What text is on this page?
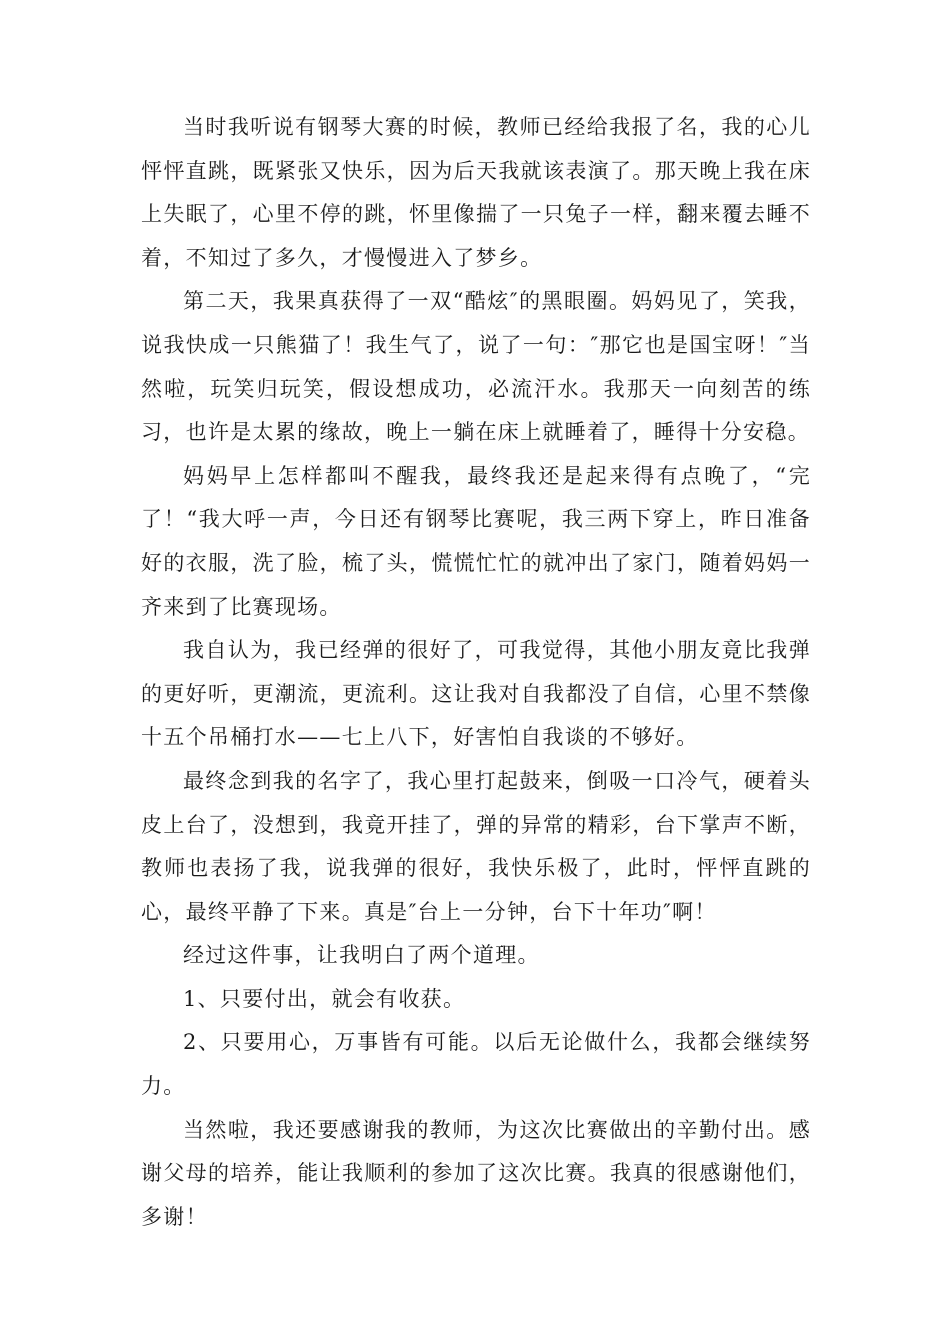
当时我听说有钢琴大赛的时候，教师已经给我报了名，我的心儿怦怦直跳，既紧张又快乐，因为后天我就该表演了。那天晚上我在床上失眠了，心里不停的跳，怀里像揣了一只兔子一样，翻来覆去睡不着，不知过了多久，才慢慢进入了梦乡。

第二天，我果真获得了一双“酷炫″的黑眼圈。妈妈见了，笑我，说我快成一只熊猫了！我生气了，说了一句：″那它也是国宝呀！″当然啦，玩笑归玩笑，假设想成功，必流汗水。我那天一向刻苦的练习，也许是太累的缘故，晚上一躺在床上就睡着了，睡得十分安稳。

妈妈早上怎样都叫不醒我，最终我还是起来得有点晚了，“完了！“我大呼一声，今日还有钢琴比赛呢，我三两下穿上，昨日准备好的衣服，洗了脸，梳了头，慌慌忙忙的就冲出了家门，随着妈妈一齐来到了比赛现场。

我自认为，我已经弹的很好了，可我觉得，其他小朋友竟比我弹的更好听，更潮流，更流利。这让我对自我都没了自信，心里不禁像十五个吊桶打水——七上八下，好害怕自我谈的不够好。

最终念到我的名字了，我心里打起鼓来，倒吸一口冷气，硬着头皮上台了，没想到，我竟开挂了，弹的异常的精彩，台下掌声不断，教师也表扬了我，说我弹的很好，我快乐极了，此时，怦怦直跳的心，最终平静了下来。真是″台上一分钟，台下十年功″啊！

经过这件事，让我明白了两个道理。

1、只要付出，就会有收获。

2、只要用心，万事皆有可能。以后无论做什么，我都会继续努力。

当然啦，我还要感谢我的教师，为这次比赛做出的辛勤付出。感谢父母的培养，能让我顺利的参加了这次比赛。我真的很感谢他们，多谢！
